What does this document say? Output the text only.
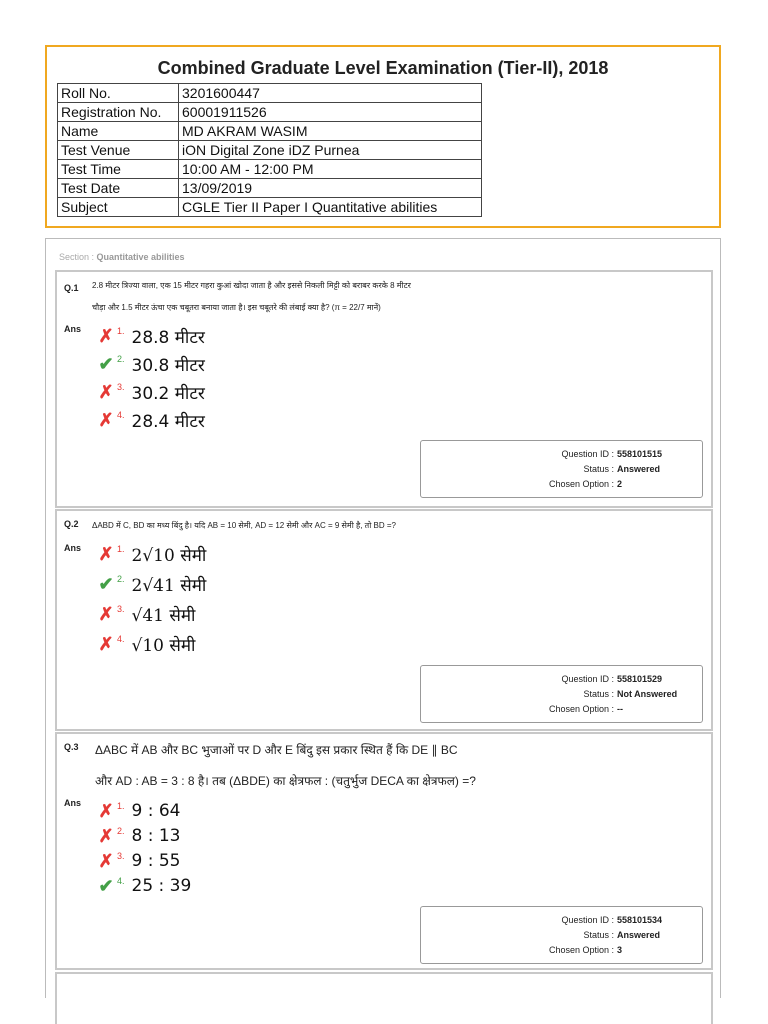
Combined Graduate Level Examination (Tier-II), 2018
Roll No.	3201600447
Registration No.	60001911526
Name	MD AKRAM WASIM
Test Venue	iON Digital Zone iDZ Purnea
Test Time	10:00 AM - 12:00 PM
Test Date	13/09/2019
Subject	CGLE Tier II Paper I Quantitative abilities
Section : Quantitative abilities
Q.1 2.8 मीटर त्रिज्या वाला, एक 15 मीटर गहरा कुआं खोदा जाता है और इससे निकली मिट्टी को बराबर करके 8 मीटर
चौड़ा और 1.5 मीटर ऊंचा एक चबूतरा बनाया जाता है। इस चबूतरे की लंबाई क्या है? (π = 22/7 मानें)
Ans ✗ 1. 28.8 मीटर
✔ 2. 30.8 मीटर
✗ 3. 30.2 मीटर
✗ 4. 28.4 मीटर
Question ID : 558101515
Status : Answered
Chosen Option : 2
Q.2 ΔABD में C, BD का मध्य बिंदु है। यदि AB = 10 सेमी, AD = 12 सेमी और AC = 9 सेमी है, तो BD =?
Ans ✗ 1. 2√10 सेमी
✔ 2. 2√41 सेमी
✗ 3. √41 सेमी
✗ 4. √10 सेमी
Question ID : 558101529
Status : Not Answered
Chosen Option : --
Q.3 ΔABC में AB और BC भुजाओं पर D और E बिंदु इस प्रकार स्थित हैं कि DE ∥ BC
और AD : AB = 3 : 8 है। तब (ΔBDE) का क्षेत्रफल : (चतुर्भुज DECA का क्षेत्रफल) =?
Ans ✗ 1. 9 : 64
✗ 2. 8 : 13
✗ 3. 9 : 55
✔ 4. 25 : 39
Question ID : 558101534
Status : Answered
Chosen Option : 3
